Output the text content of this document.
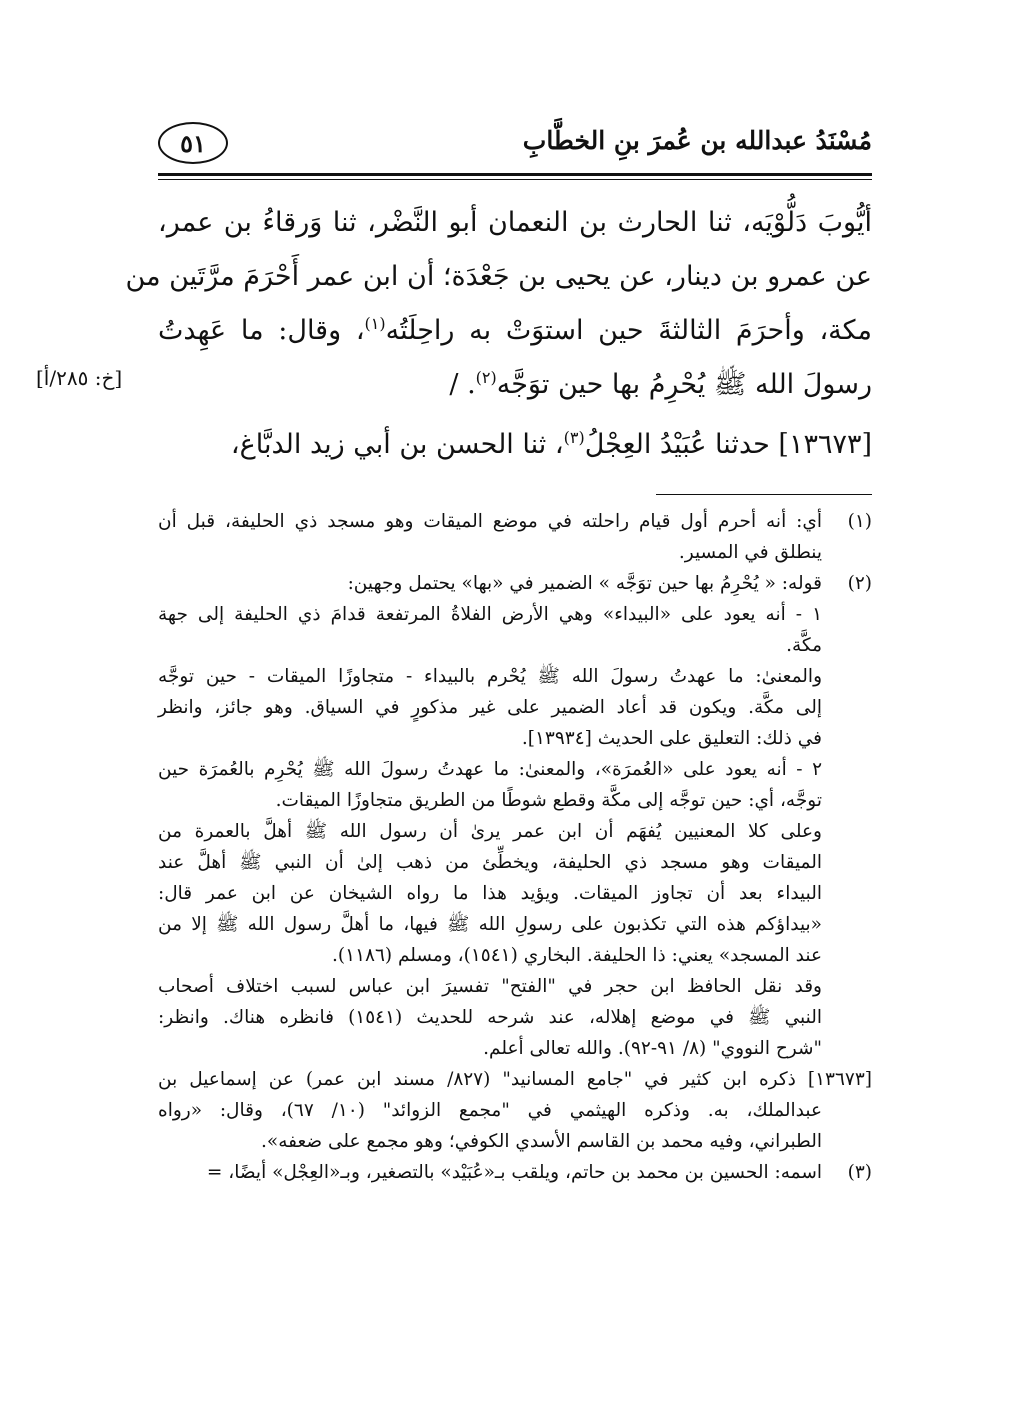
مُسْنَدُ عبدالله بن عُمرَ بنِ الخطَّابِ
٥١
أيُّوبَ دَلُّوْيَه، ثنا الحارث بن النعمان أبو النَّضْر، ثنا وَرقاءُ بن عمر،
عن عمرو بن دينار، عن يحيى بن جَعْدَة؛ أن ابن عمر أَحْرَمَ مرَّتَين من
مكة، وأحرَمَ الثالثةَ حين استوَتْ به راحِلَتُه$^{(١)}$، وقال: ما عَهِدتُ
رسولَ الله ﷺ يُحْرِمُ بها حين توَجَّه$^{(٢)}$. /
[١٣٦٧٣] حدثنا عُبَيْدُ العِجْلُ$^{(٣)}$، ثنا الحسن بن أبي زيد الدبَّاغ،
[خ: ٢٨٥/أ]
(١)
أي: أنه أحرم أول قيام راحلته في موضع الميقات وهو مسجد ذي الحليفة، قبل أن
ينطلق في المسير.
(٢)
قوله: « يُحْرِمُ بها حين توَجَّه » الضمير في «بها» يحتمل وجهين:
١ - أنه يعود على «البيداء» وهي الأرض الفلاةُ المرتفعة قدامَ ذي الحليفة إلى جهة
مكَّة.
والمعنىٰ: ما عهدتُ رسولَ الله ﷺ يُحْرم بالبيداء - متجاوزًا الميقات - حين توجَّه
إلى مكَّة. ويكون قد أعاد الضمير على غير مذكورٍ في السياق. وهو جائز، وانظر
في ذلك: التعليق على الحديث [١٣٩٣٤].
٢ - أنه يعود على «العُمرَة»، والمعنىٰ: ما عهدتُ رسولَ الله ﷺ يُحْرِم بالعُمرَة حين
توجَّه، أي: حين توجَّه إلى مكَّة وقطع شوطًا من الطريق متجاوزًا الميقات.
وعلى كلا المعنيين يُفهَم أن ابن عمر يرىٰ أن رسول الله ﷺ أهلَّ بالعمرة من
الميقات وهو مسجد ذي الحليفة، ويخطِّئ من ذهب إلىٰ أن النبي ﷺ أهلَّ عند
البيداء بعد أن تجاوز الميقات. ويؤيد هذا ما رواه الشيخان عن ابن عمر قال:
«بيداؤكم هذه التي تكذبون على رسولِ الله ﷺ فيها، ما أهلَّ رسول الله ﷺ إلا من
عند المسجد» يعني: ذا الحليفة. البخاري (١٥٤١)، ومسلم (١١٨٦).
وقد نقل الحافظ ابن حجر في "الفتح" تفسيرَ ابن عباس لسبب اختلاف أصحاب
النبي ﷺ في موضع إهلاله، عند شرحه للحديث (١٥٤١) فانظره هناك. وانظر:
"شرح النووي" (٨/ ٩١-٩٢). والله تعالى أعلم.
[١٣٦٧٣] ذكره ابن كثير في "جامع المسانيد" (٨٢٧/ مسند ابن عمر) عن إسماعيل بن
عبدالملك، به. وذكره الهيثمي في "مجمع الزوائد" (١٠/ ٦٧)، وقال: «رواه
الطبراني، وفيه محمد بن القاسم الأسدي الكوفي؛ وهو مجمع على ضعفه».
(٣)
اسمه: الحسين بن محمد بن حاتم، ويلقب بـ«عُبَيْد» بالتصغير، وبـ«العِجْل» أيضًا، =
